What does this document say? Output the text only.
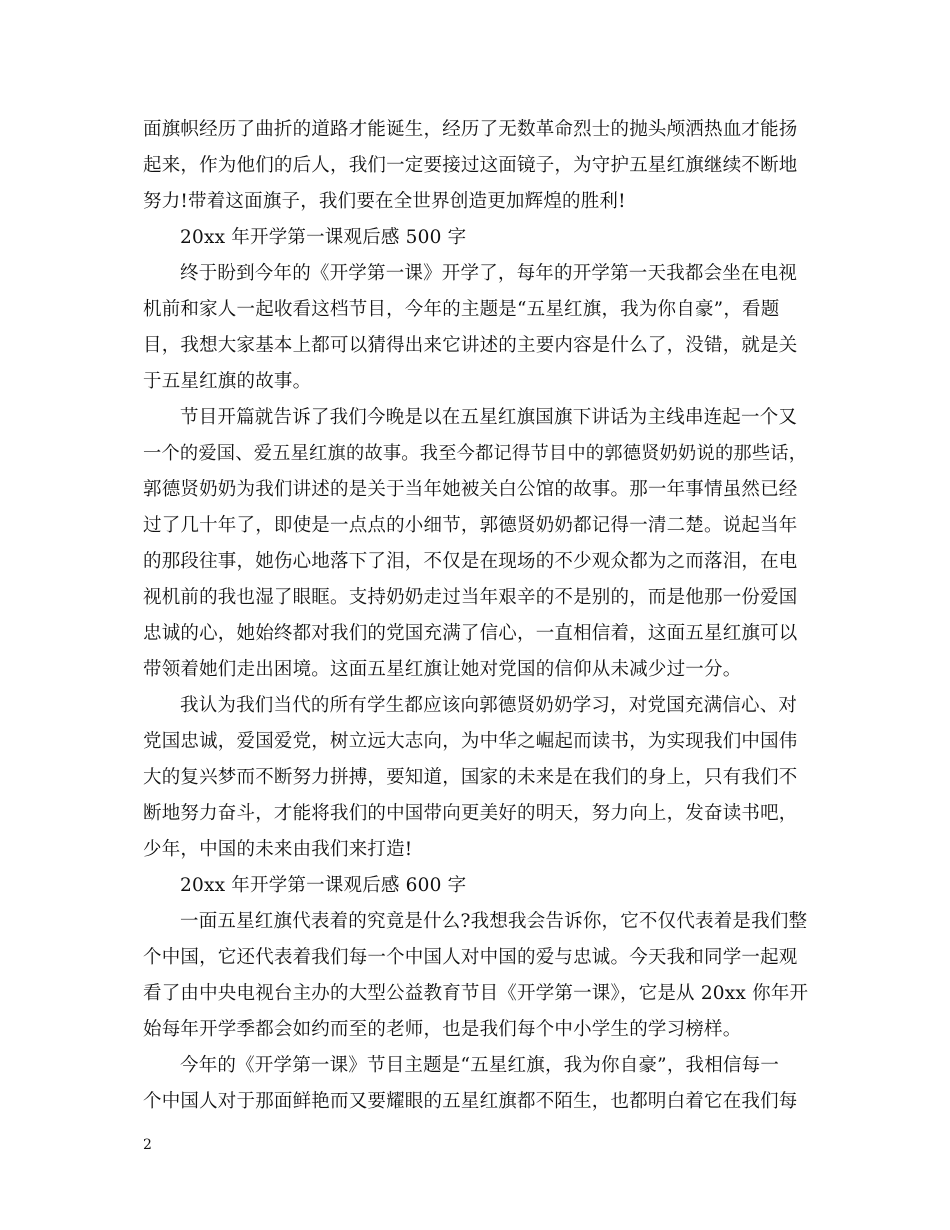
面旗帜经历了曲折的道路才能诞生，经历了无数革命烈士的抛头颅洒热血才能扬
起来，作为他们的后人，我们一定要接过这面镜子，为守护五星红旗继续不断地
努力!带着这面旗子，我们要在全世界创造更加辉煌的胜利!
20xx 年开学第一课观后感 500 字
终于盼到今年的《开学第一课》开学了，每年的开学第一天我都会坐在电视
机前和家人一起收看这档节目，今年的主题是“五星红旗，我为你自豪”，看题
目，我想大家基本上都可以猜得出来它讲述的主要内容是什么了，没错，就是关
于五星红旗的故事。
节目开篇就告诉了我们今晚是以在五星红旗国旗下讲话为主线串连起一个又
一个的爱国、爱五星红旗的故事。我至今都记得节目中的郭德贤奶奶说的那些话，
郭德贤奶奶为我们讲述的是关于当年她被关白公馆的故事。那一年事情虽然已经
过了几十年了，即使是一点点的小细节，郭德贤奶奶都记得一清二楚。说起当年
的那段往事，她伤心地落下了泪，不仅是在现场的不少观众都为之而落泪，在电
视机前的我也湿了眼眶。支持奶奶走过当年艰辛的不是别的，而是他那一份爱国
忠诚的心，她始终都对我们的党国充满了信心，一直相信着，这面五星红旗可以
带领着她们走出困境。这面五星红旗让她对党国的信仰从未减少过一分。
我认为我们当代的所有学生都应该向郭德贤奶奶学习，对党国充满信心、对
党国忠诚，爱国爱党，树立远大志向，为中华之崛起而读书，为实现我们中国伟
大的复兴梦而不断努力拼搏，要知道，国家的未来是在我们的身上，只有我们不
断地努力奋斗，才能将我们的中国带向更美好的明天，努力向上，发奋读书吧，
少年，中国的未来由我们来打造!
20xx 年开学第一课观后感 600 字
一面五星红旗代表着的究竟是什么?我想我会告诉你，它不仅代表着是我们整
个中国，它还代表着我们每一个中国人对中国的爱与忠诚。今天我和同学一起观
看了由中央电视台主办的大型公益教育节目《开学第一课》，它是从 20xx 你年开
始每年开学季都会如约而至的老师，也是我们每个中小学生的学习榜样。
今年的《开学第一课》节目主题是“五星红旗，我为你自豪”，我相信每一
个中国人对于那面鲜艳而又要耀眼的五星红旗都不陌生，也都明白着它在我们每
2
